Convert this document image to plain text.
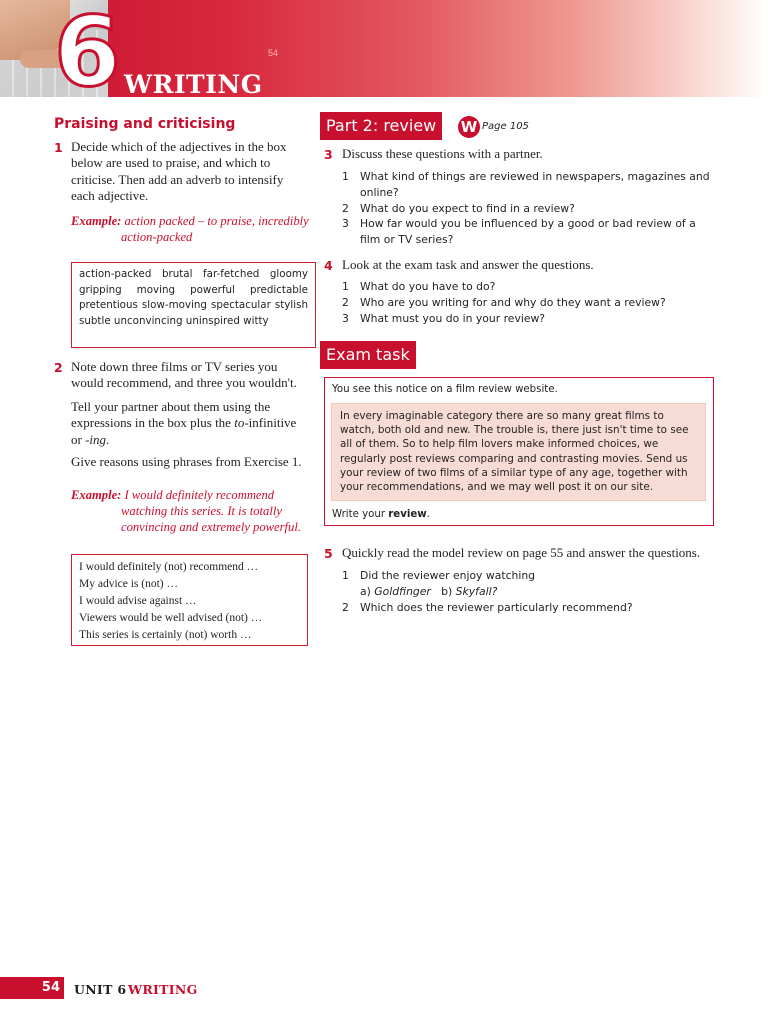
6 WRITING
54
Praising and criticising
1 Decide which of the adjectives in the box below are used to praise, and which to criticise. Then add an adverb to intensify each adjective.
Example: action packed – to praise, incredibly
action-packed
action-packed brutal far-fetched gloomy gripping moving powerful predictable pretentious slow-moving spectacular stylish subtle unconvincing uninspired witty
2 Note down three films or TV series you would recommend, and three you wouldn't.
Tell your partner about them using the expressions in the box plus the to-infinitive or -ing.
Give reasons using phrases from Exercise 1.
Example: I would definitely recommend
watching this series. It is totally
convincing and extremely powerful.
I would definitely (not) recommend …
My advice is (not) …
I would advise against …
Viewers would be well advised (not) …
This series is certainly (not) worth …
Part 2: review	W Page 105
3 Discuss these questions with a partner.
1 What kind of things are reviewed in newspapers, magazines and online?
2 What do you expect to find in a review?
3 How far would you be influenced by a good or bad review of a film or TV series?
4 Look at the exam task and answer the questions.
1 What do you have to do?
2 Who are you writing for and why do they want a review?
3 What must you do in your review?
Exam task
You see this notice on a film review website.
In every imaginable category there are so many great films to watch, both old and new. The trouble is, there just isn't time to see all of them. So to help film lovers make informed choices, we regularly post reviews comparing and contrasting movies. Send us your review of two films of a similar type of any age, together with your recommendations, and we may well post it on our site.
Write your review.
5 Quickly read the model review on page 55 and answer the questions.
1 Did the reviewer enjoy watching
a) Goldfinger   b) Skyfall?
2 Which does the reviewer particularly recommend?
54	UNIT 6 WRITING
